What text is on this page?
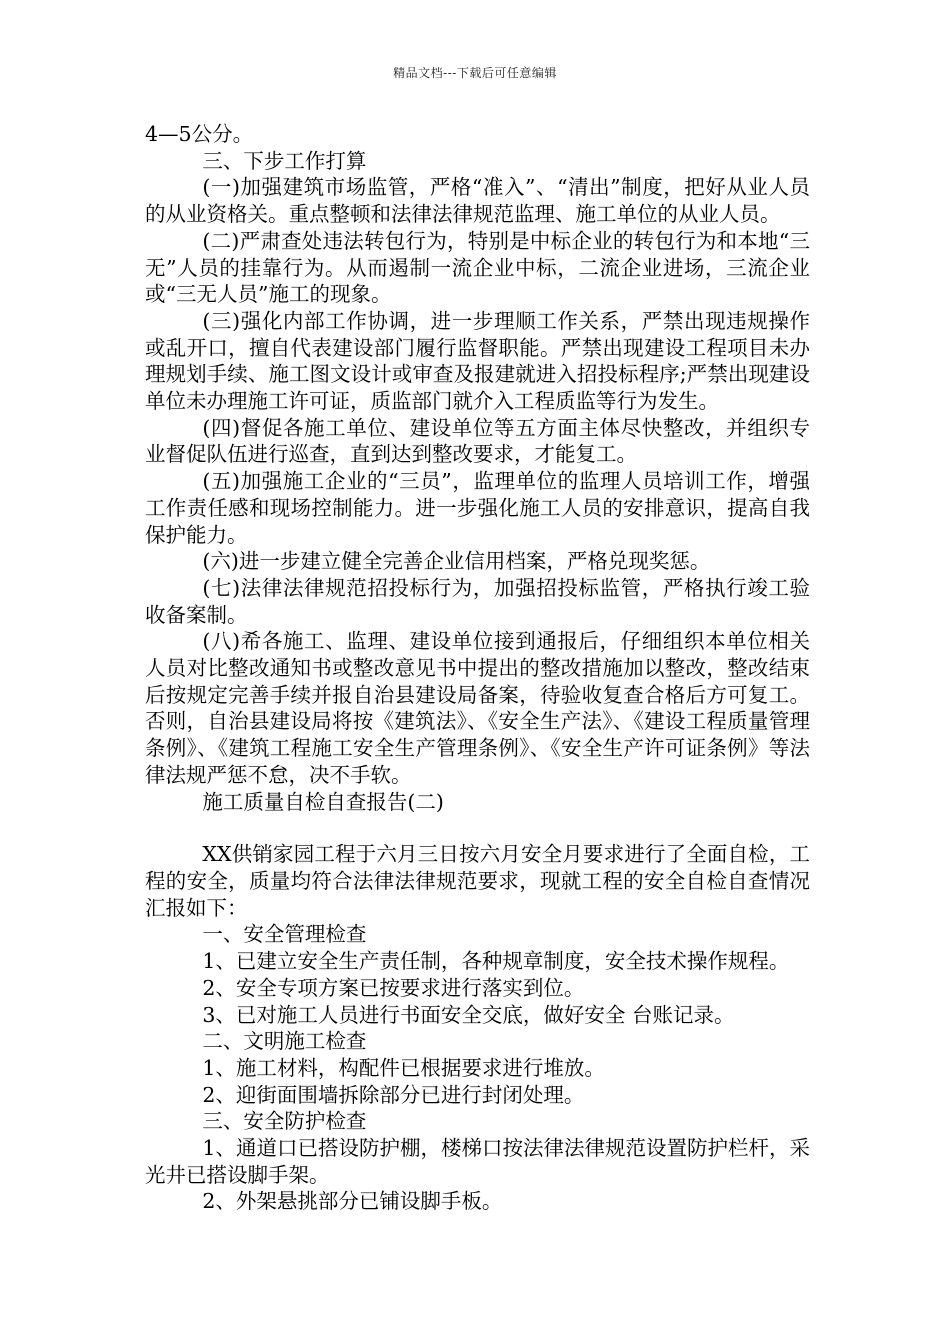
精品文档---下载后可任意编辑

4—5公分。

三、下步工作打算

(一)加强建筑市场监管，严格“准入”、“清出”制度，把好从业人员的从业资格关。重点整顿和法律法律规范监理、施工单位的从业人员。

(二)严肃查处违法转包行为，特别是中标企业的转包行为和本地“三无”人员的挂靠行为。从而遏制一流企业中标，二流企业进场，三流企业或“三无人员”施工的现象。

(三)强化内部工作协调，进一步理顺工作关系，严禁出现违规操作或乱开口，擅自代表建设部门履行监督职能。严禁出现建设工程项目未办理规划手续、施工图文设计或审查及报建就进入招投标程序;严禁出现建设单位未办理施工许可证，质监部门就介入工程质监等行为发生。

(四)督促各施工单位、建设单位等五方面主体尽快整改，并组织专业督促队伍进行巡查，直到达到整改要求，才能复工。

(五)加强施工企业的“三员”，监理单位的监理人员培训工作，增强工作责任感和现场控制能力。进一步强化施工人员的安排意识，提高自我保护能力。

(六)进一步建立健全完善企业信用档案，严格兑现奖惩。

(七)法律法律规范招投标行为，加强招投标监管，严格执行竣工验收备案制。

(八)希各施工、监理、建设单位接到通报后，仔细组织本单位相关人员对比整改通知书或整改意见书中提出的整改措施加以整改，整改结束后按规定完善手续并报自治县建设局备案，待验收复查合格后方可复工。否则，自治县建设局将按《建筑法》、《安全生产法》、《建设工程质量管理条例》、《建筑工程施工安全生产管理条例》、《安全生产许可证条例》等法律法规严惩不怠，决不手软。

施工质量自检自查报告(二)

XX供销家园工程于六月三日按六月安全月要求进行了全面自检，工程的安全，质量均符合法律法律规范要求，现就工程的安全自检自查情况汇报如下：

一、安全管理检查

1、已建立安全生产责任制，各种规章制度，安全技术操作规程。

2、安全专项方案已按要求进行落实到位。

3、已对施工人员进行书面安全交底，做好安全 台账记录。

二、文明施工检查

1、施工材料，构配件已根据要求进行堆放。

2、迎街面围墙拆除部分已进行封闭处理。

三、安全防护检查

1、通道口已搭设防护棚，楼梯口按法律法律规范设置防护栏杆，采光井已搭设脚手架。

2、外架悬挑部分已铺设脚手板。
